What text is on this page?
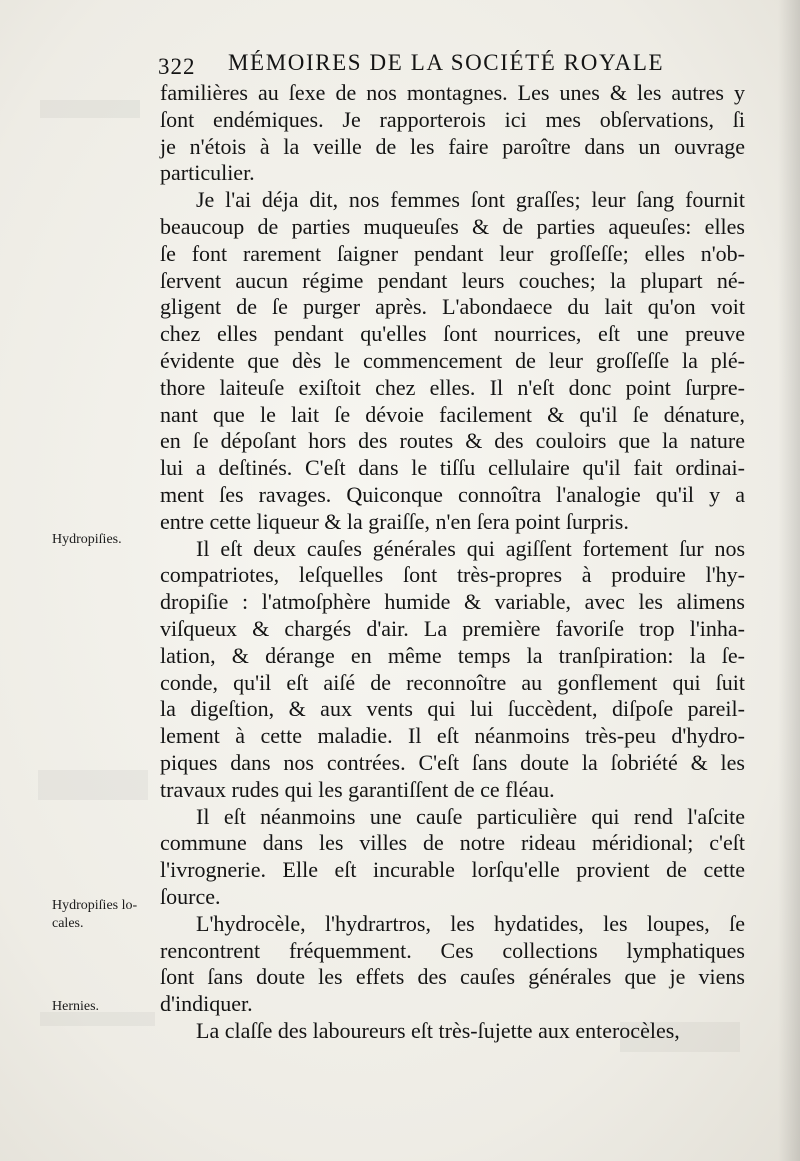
322 MÉMOIRES DE LA SOCIÉTÉ ROYALE
familières au ſexe de nos montagnes. Les unes & les autres y
ſont endémiques. Je rapporterois ici mes obſervations, ſi
je n'étois à la veille de les faire paroître dans un ouvrage
particulier.
Je l'ai déja dit, nos femmes ſont graſſes; leur ſang fournit
beaucoup de parties muqueuſes & de parties aqueuſes: elles
ſe font rarement ſaigner pendant leur groſſeſſe; elles n'ob-
ſervent aucun régime pendant leurs couches; la plupart né-
gligent de ſe purger après. L'abondaece du lait qu'on voit
chez elles pendant qu'elles ſont nourrices, eſt une preuve
évidente que dès le commencement de leur groſſeſſe la plé-
thore laiteuſe exiſtoit chez elles. Il n'eſt donc point ſurpre-
nant que le lait ſe dévoie facilement & qu'il ſe dénature,
en ſe dépoſant hors des routes & des couloirs que la nature
lui a deſtinés. C'eſt dans le tiſſu cellulaire qu'il fait ordinai-
ment ſes ravages. Quiconque connoîtra l'analogie qu'il y a
entre cette liqueur & la graiſſe, n'en ſera point ſurpris.
Il eſt deux cauſes générales qui agiſſent fortement ſur nos
compatriotes, leſquelles ſont très-propres à produire l'hy-
dropiſie : l'atmoſphère humide & variable, avec les alimens
viſqueux & chargés d'air. La première favoriſe trop l'inha-
lation, & dérange en même temps la tranſpiration: la ſe-
conde, qu'il eſt aiſé de reconnoître au gonflement qui ſuit
la digeſtion, & aux vents qui lui ſuccèdent, diſpoſe pareil-
lement à cette maladie. Il eſt néanmoins très-peu d'hydro-
piques dans nos contrées. C'eſt ſans doute la ſobriété & les
travaux rudes qui les garantiſſent de ce fléau.
Il eſt néanmoins une cauſe particulière qui rend l'aſcite
commune dans les villes de notre rideau méridional; c'eſt
l'ivrognerie. Elle eſt incurable lorſqu'elle provient de cette
ſource.
L'hydrocèle, l'hydrartros, les hydatides, les loupes, ſe
rencontrent fréquemment. Ces collections lymphatiques
ſont ſans doute les effets des cauſes générales que je viens
d'indiquer.
La claſſe des laboureurs eſt très-ſujette aux enterocèles,
Hydropiſies.
Hydropiſies lo-
cales.
Hernies.
